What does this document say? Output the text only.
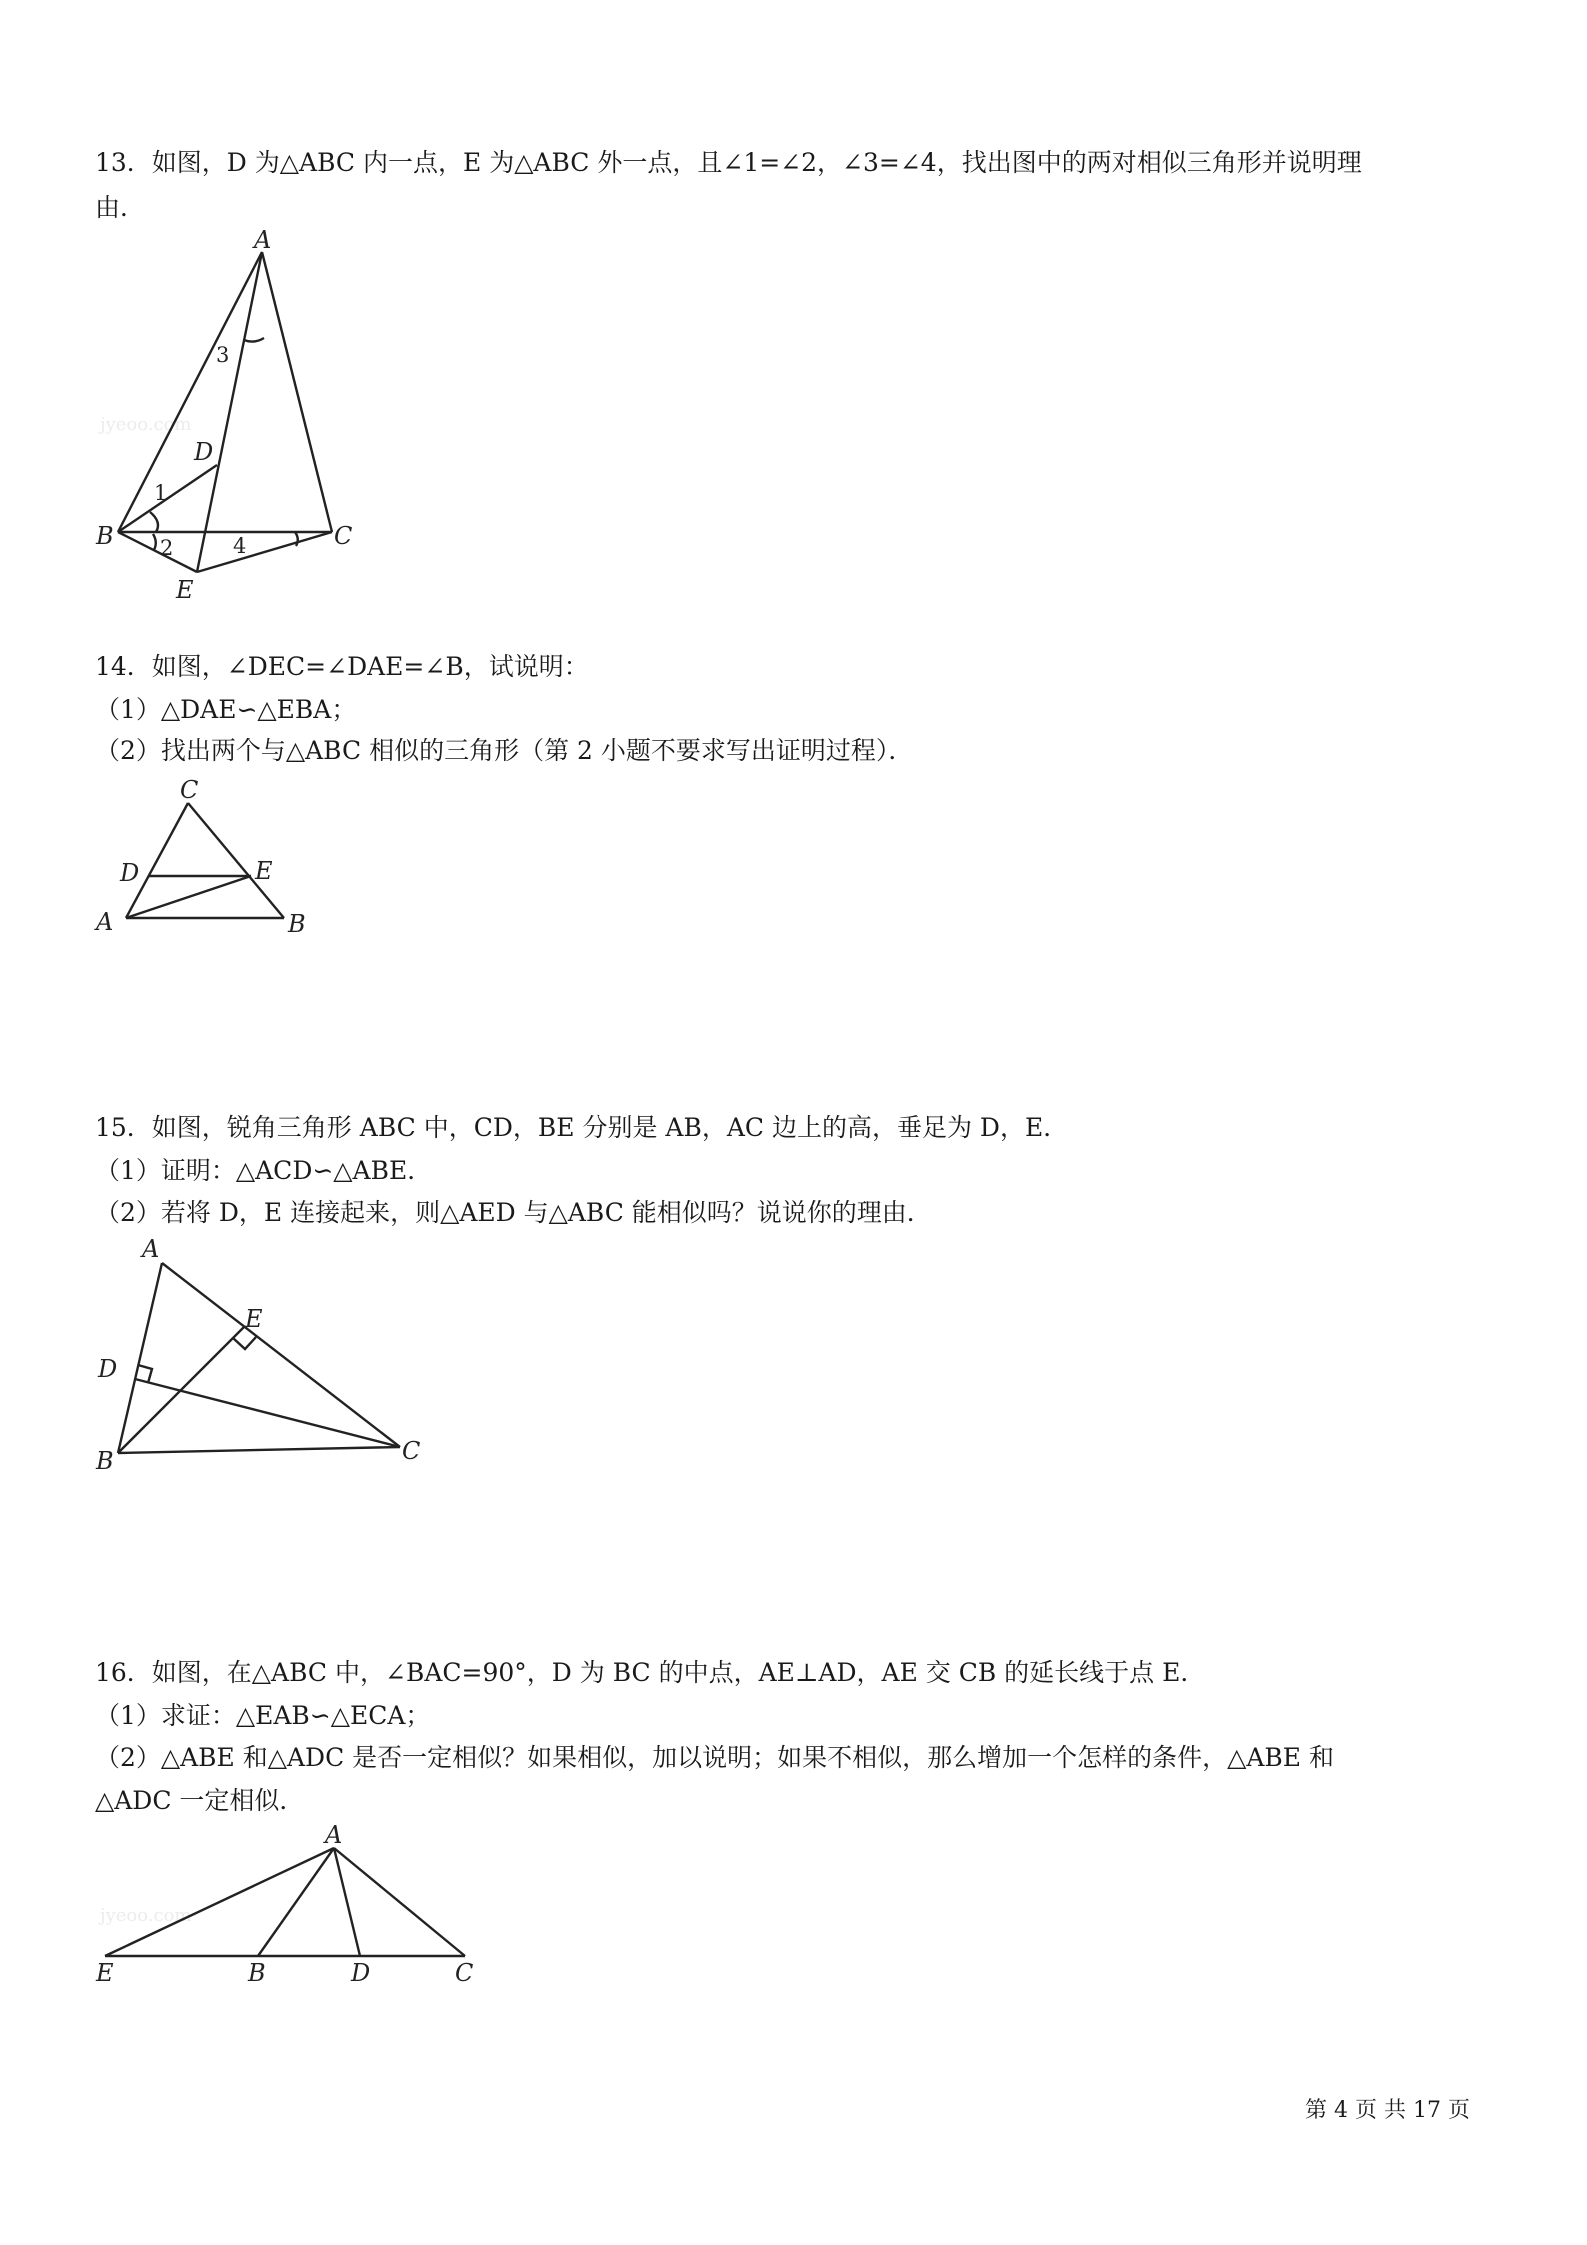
13．如图，D 为△ABC 内一点，E 为△ABC 外一点，且∠1=∠2，∠3=∠4，找出图中的两对相似三角形并说明理

由．

jyeoo.com
A
B	C
D
E
1
2
3
4

14．如图，∠DEC=∠DAE=∠B，试说明：

（1）△DAE∽△EBA；

（2）找出两个与△ABC 相似的三角形（第 2 小题不要求写出证明过程）．

C
D	E
A	B

15．如图，锐角三角形 ABC 中，CD，BE 分别是 AB，AC 边上的高，垂足为 D，E．

（1）证明：△ACD∽△ABE．

（2）若将 D，E 连接起来，则△AED 与△ABC 能相似吗？说说你的理由．

A
E
D
B	C

16．如图，在△ABC 中，∠BAC=90°，D 为 BC 的中点，AE⊥AD，AE 交 CB 的延长线于点 E．

（1）求证：△EAB∽△ECA；

（2）△ABE 和△ADC 是否一定相似？如果相似，加以说明；如果不相似，那么增加一个怎样的条件，△ABE 和

△ADC 一定相似．

jyeoo.com
A
E	B	D	C
第 4 页 共 17 页
